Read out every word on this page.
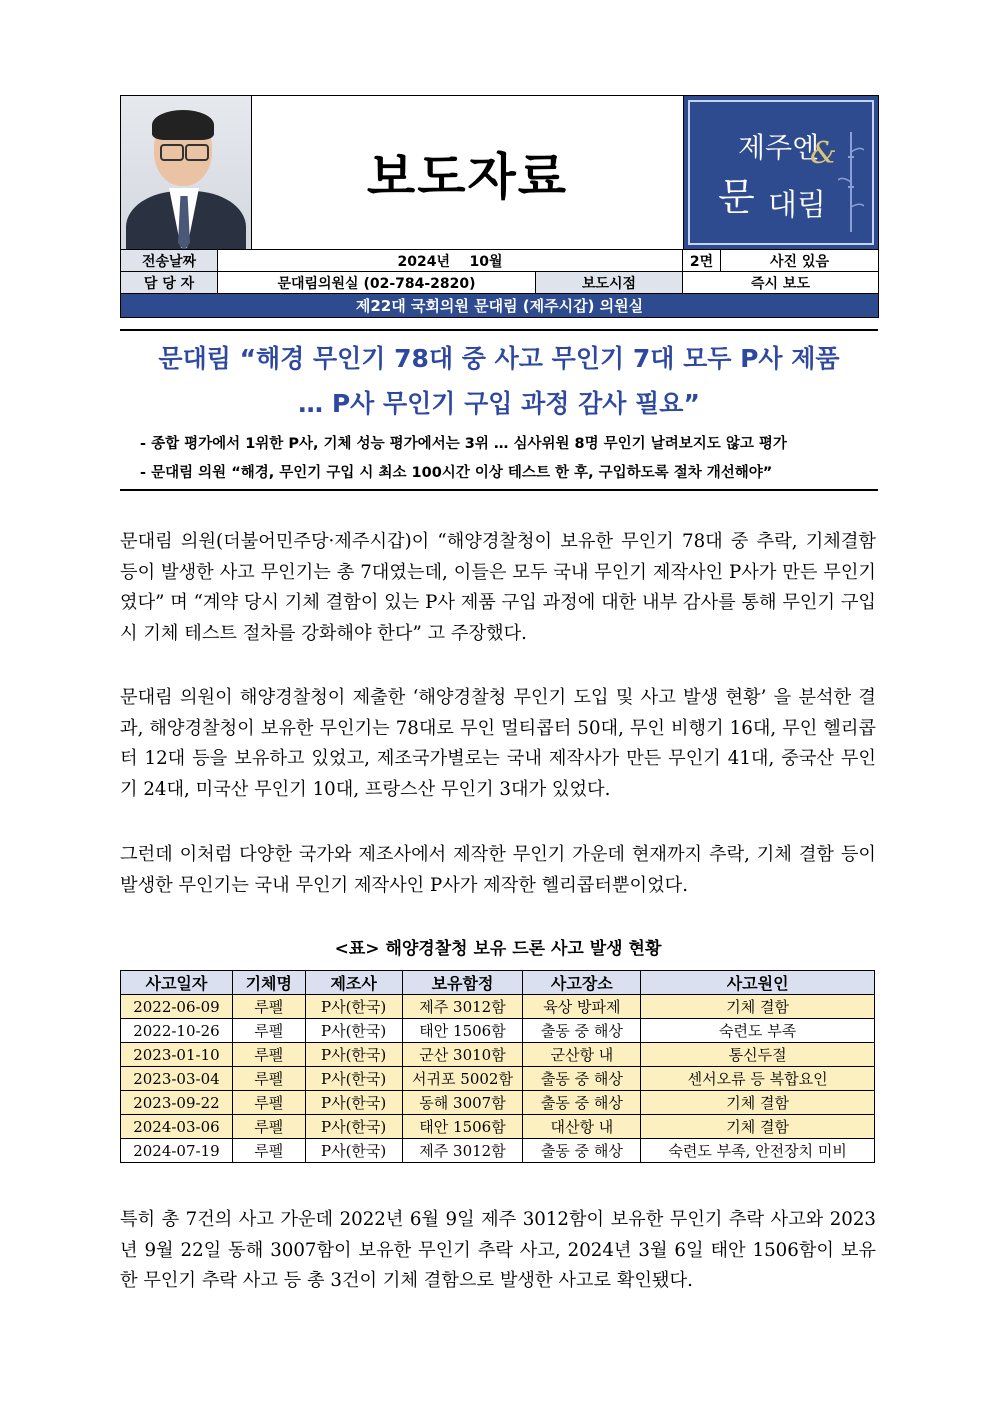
보도자료	제주엔
&
문 대림
전송날짜	2024년    10월	2면	사진 있음
담 당 자	문대림의원실 (02-784-2820)	보도시점	즉시 보도
제22대 국회의원 문대림 (제주시갑) 의원실
문대림 “해경 무인기 78대 중 사고 무인기 7대 모두 P사 제품
… P사 무인기 구입 과정 감사 필요”
- 종합 평가에서 1위한 P사, 기체 성능 평가에서는 3위 … 심사위원 8명 무인기 날려보지도 않고 평가
- 문대림 의원 “해경, 무인기 구입 시 최소 100시간 이상 테스트 한 후, 구입하도록 절차 개선해야”
문대림 의원(더불어민주당·제주시갑)이 “해양경찰청이 보유한 무인기 78대 중 추락, 기체결함 등이 발생한 사고 무인기는 총 7대였는데, 이들은 모두 국내 무인기 제작사인 P사가 만든 무인기였다” 며 “계약 당시 기체 결함이 있는 P사 제품 구입 과정에 대한 내부 감사를 통해 무인기 구입 시 기체 테스트 절차를 강화해야 한다” 고 주장했다.
문대림 의원이 해양경찰청이 제출한 ‘해양경찰청 무인기 도입 및 사고 발생 현황’ 을 분석한 결과, 해양경찰청이 보유한 무인기는 78대로 무인 멀티콥터 50대, 무인 비행기 16대, 무인 헬리콥터 12대 등을 보유하고 있었고, 제조국가별로는 국내 제작사가 만든 무인기 41대, 중국산 무인기 24대, 미국산 무인기 10대, 프랑스산 무인기 3대가 있었다.
그런데 이처럼 다양한 국가와 제조사에서 제작한 무인기 가운데 현재까지 추락, 기체 결함 등이 발생한 무인기는 국내 무인기 제작사인 P사가 제작한 헬리콥터뿐이었다.
<표> 해양경찰청 보유 드론 사고 발생 현황
사고일자	기체명	제조사	보유함정	사고장소	사고원인
2022-06-09	루펠	P사(한국)	제주 3012함	육상 방파제	기체 결함
2022-10-26	루펠	P사(한국)	태안 1506함	출동 중 해상	숙련도 부족
2023-01-10	루펠	P사(한국)	군산 3010함	군산항 내	통신두절
2023-03-04	루펠	P사(한국)	서귀포 5002함	출동 중 해상	센서오류 등 복합요인
2023-09-22	루펠	P사(한국)	동해 3007함	출동 중 해상	기체 결함
2024-03-06	루펠	P사(한국)	태안 1506함	대산항 내	기체 결함
2024-07-19	루펠	P사(한국)	제주 3012함	출동 중 해상	숙련도 부족, 안전장치 미비
특히 총 7건의 사고 가운데 2022년 6월 9일 제주 3012함이 보유한 무인기 추락 사고와 2023년 9월 22일 동해 3007함이 보유한 무인기 추락 사고, 2024년 3월 6일 태안 1506함이 보유한 무인기 추락 사고 등 총 3건이 기체 결함으로 발생한 사고로 확인됐다.
